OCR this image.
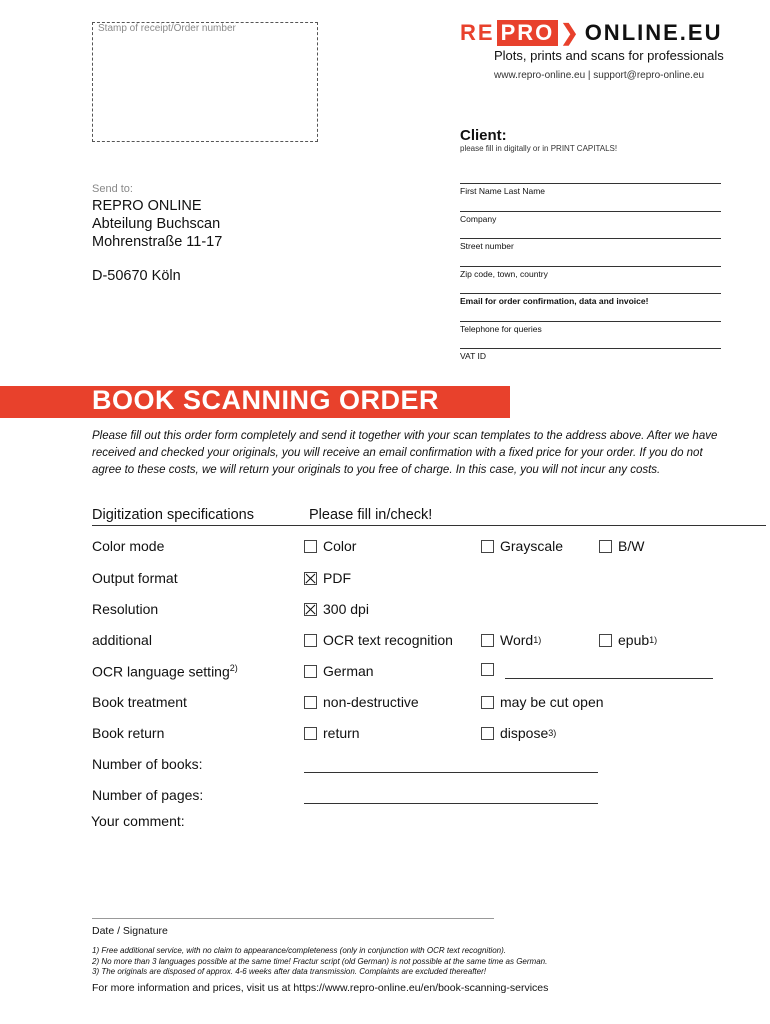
Stamp of receipt/Order number	RE PRO ❯ ONLINE.EU
Plots, prints and scans for professionals
www.repro-online.eu | support@repro-online.eu
Client:
please fill in digitally or in PRINT CAPITALS!
First Name Last Name
Company
Street number
Zip code, town, country
Email for order confirmation, data and invoice!
Telephone for queries
VAT ID
Send to:
REPRO ONLINE
Abteilung Buchscan
Mohrenstraße 11-17
D-50670 Köln
BOOK SCANNING ORDER
Please fill out this order form completely and send it together with your scan templates to the address above. After we have received and checked your originals, you will receive an email confirmation with a fixed price for your order. If you do not agree to these costs, we will return your originals to you free of charge. In this case, you will not incur any costs.
Digitization specifications	Please fill in/check!
Color mode	Color	Grayscale	B/W
Output format	PDF
Resolution	300 dpi
additional	OCR text recognition	Word 1)	epub 1)
OCR language setting$^{2)}$	German
Book treatment	non-destructive	may be cut open
Book return	return	dispose 3)
Number of books:
Number of pages:
Your comment:
Date / Signature
1) Free additional service, with no claim to appearance/completeness (only in conjunction with OCR text recognition).
2) No more than 3 languages possible at the same time! Fractur script (old German) is not possible at the same time as German.
3) The originals are disposed of approx. 4-6 weeks after data transmission. Complaints are excluded thereafter!
For more information and prices, visit us at https://www.repro-online.eu/en/book-scanning-services
